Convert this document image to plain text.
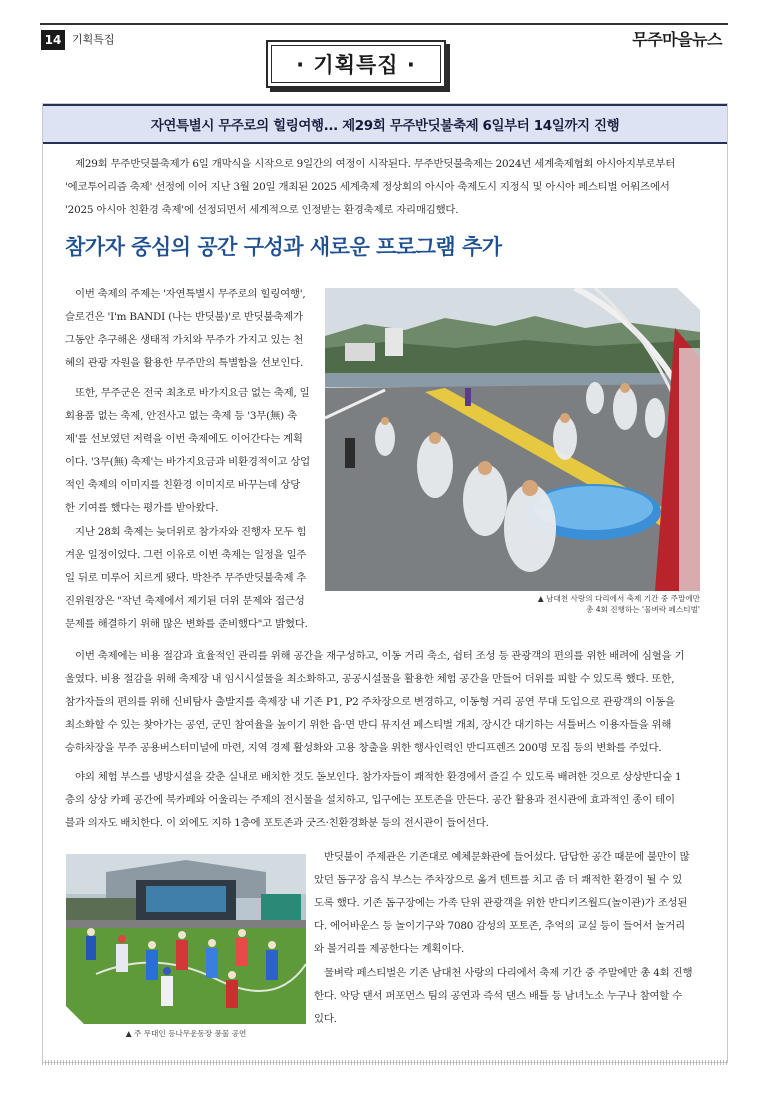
14 기획특집	무주마을뉴스
· 기획특집 ·
자연특별시 무주로의 힐링여행... 제29회 무주반딧불축제 6일부터 14일까지 진행
제29회 무주반딧불축제가 6일 개막식을 시작으로 9일간의 여정이 시작된다. 무주반딧불축제는 2024년 세계축제협회 아시아지부로부터
'에코투어리즘 축제' 선정에 이어 지난 3월 20일 개최된 2025 세계축제 정상회의 아시아 축제도시 지정식 및 아시아 페스티벌 어워즈에서
'2025 아시아 친환경 축제'에 선정되면서 세계적으로 인정받는 환경축제로 자리매김했다.
참가자 중심의 공간 구성과 새로운 프로그램 추가
이번 축제의 주제는 '자연특별시 무주로의 힐링여행',
슬로건은 'I'm BANDI (나는 반딧불)'로 반딧불축제가
그동안 추구해온 생태적 가치와 무주가 가지고 있는 천
혜의 관광 자원을 활용한 무주만의 특별함을 선보인다.
또한, 무주군은 전국 최초로 바가지요금 없는 축제, 일
회용품 없는 축제, 안전사고 없는 축제 등 '3무(無) 축
제'를 선보였던 저력을 이번 축제에도 이어간다는 계획
이다. '3무(無) 축제'는 바가지요금과 비환경적이고 상업
적인 축제의 이미지를 친환경 이미지로 바꾸는데 상당
한 기여를 했다는 평가를 받아왔다.
지난 28회 축제는 늦더위로 참가자와 진행자 모두 힘
겨운 일정이었다. 그런 이유로 이번 축제는 일정을 일주
일 뒤로 미루어 치르게 됐다. 박찬주 무주반딧불축제 추
진위원장은 "작년 축제에서 제기된 더위 문제와 접근성
문제를 해결하기 위해 많은 변화를 준비했다"고 밝혔다.
▲ 남대천 사랑의 다리에서 축제 기간 중 주말에만
총 4회 진행하는 '물벼락 페스티벌'
이번 축제에는 비용 절감과 효율적인 관리를 위해 공간을 재구성하고, 이동 거리 축소, 쉼터 조성 등 관광객의 편의를 위한 배려에 심혈을 기
울였다. 비용 절감을 위해 축제장 내 임시시설물을 최소화하고, 공공시설물을 활용한 체험 공간을 만들어 더위를 피할 수 있도록 했다. 또한,
참가자들의 편의를 위해 신비탐사 출발지를 축제장 내 기존 P1, P2 주차장으로 변경하고, 이동형 거리 공연 무대 도입으로 관광객의 이동을
최소화할 수 있는 찾아가는 공연, 군민 참여율을 높이기 위한 읍·면 반디 뮤지션 페스티벌 개최, 장시간 대기하는 셔틀버스 이용자들을 위해
승하차장을 무주 공용버스터미널에 마련, 지역 경제 활성화와 고용 창출을 위한 행사인력인 반디프렌즈 200명 모집 등의 변화를 주었다.
야외 체험 부스를 냉방시설을 갖춘 실내로 배치한 것도 돋보인다. 참가자들이 쾌적한 환경에서 즐길 수 있도록 배려한 것으로 상상반디숲 1
층의 상상 카페 공간에 북카페와 어울리는 주제의 전시물을 설치하고, 입구에는 포토존을 만든다. 공간 활용과 전시관에 효과적인 종이 테이
블과 의자도 배치한다. 이 외에도 지하 1층에 포토존과 굿즈·친환경화분 등의 전시관이 들어선다.
▲ 주 무대인 등나무운동장 풍물 공연
반딧불이 주제관은 기존대로 예체문화관에 들어섰다. 답답한 공간 때문에 불만이 많
았던 돔구장 음식 부스는 주차장으로 옮겨 텐트를 치고 좀 더 쾌적한 환경이 될 수 있
도록 했다. 기존 돔구장에는 가족 단위 관광객을 위한 반디키즈월드(놀이관)가 조성된
다. 에어바운스 등 놀이기구와 7080 감성의 포토존, 추억의 교실 등이 들어서 놀거리
와 볼거리를 제공한다는 계획이다.
물벼락 페스티벌은 기존 남대천 사랑의 다리에서 축제 기간 중 주말에만 총 4회 진행
한다. 악당 댄서 퍼포먼스 팀의 공연과 즉석 댄스 배틀 등 남녀노소 누구나 참여할 수
있다.
